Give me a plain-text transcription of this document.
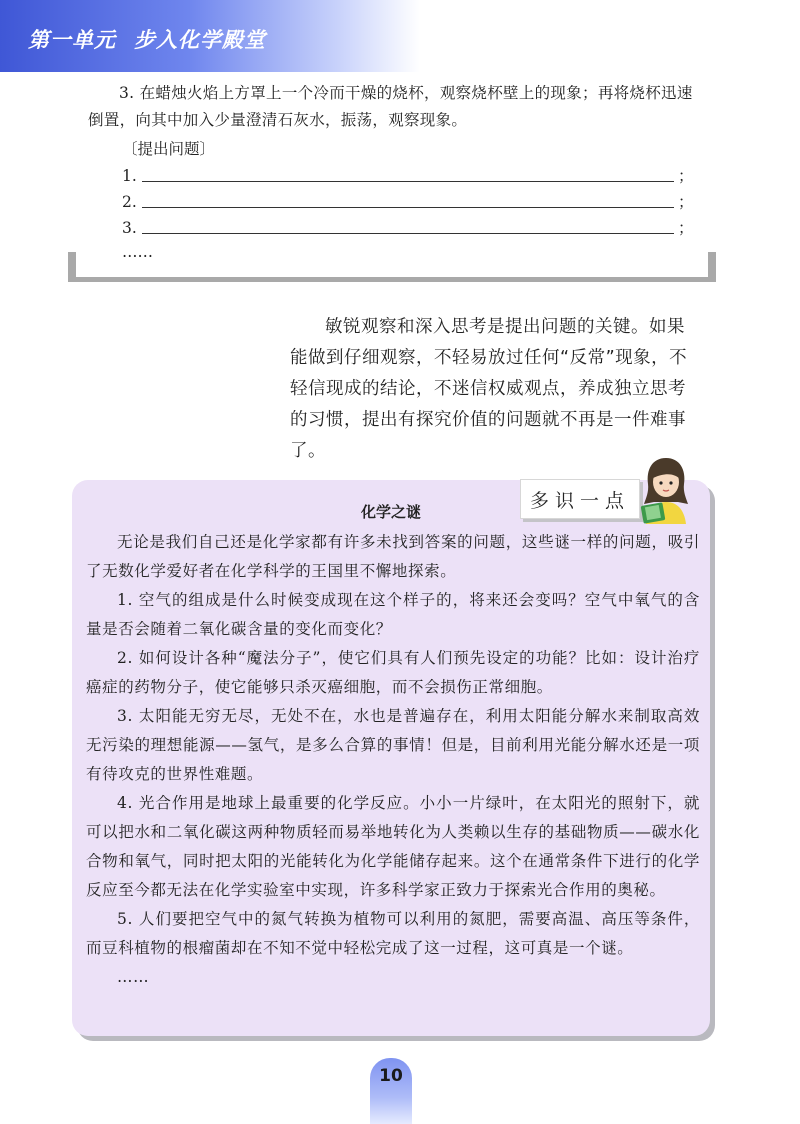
第一单元 步入化学殿堂

3. 在蜡烛火焰上方罩上一个冷而干燥的烧杯，观察烧杯壁上的现象；再将烧杯迅速倒置，向其中加入少量澄清石灰水，振荡，观察现象。

〔提出问题〕
1.	；
2.	；
3.	；
……

敏锐观察和深入思考是提出问题的关键。如果能做到仔细观察，不轻易放过任何“反常”现象，不轻信现成的结论，不迷信权威观点，养成独立思考的习惯，提出有探究价值的问题就不再是一件难事了。

多识一点
化学之谜

无论是我们自己还是化学家都有许多未找到答案的问题，这些谜一样的问题，吸引了无数化学爱好者在化学科学的王国里不懈地探索。

1. 空气的组成是什么时候变成现在这个样子的，将来还会变吗？空气中氧气的含量是否会随着二氧化碳含量的变化而变化？

2. 如何设计各种“魔法分子”，使它们具有人们预先设定的功能？比如：设计治疗癌症的药物分子，使它能够只杀灭癌细胞，而不会损伤正常细胞。

3. 太阳能无穷无尽，无处不在，水也是普遍存在，利用太阳能分解水来制取高效无污染的理想能源——氢气，是多么合算的事情！但是，目前利用光能分解水还是一项有待攻克的世界性难题。

4. 光合作用是地球上最重要的化学反应。小小一片绿叶，在太阳光的照射下，就可以把水和二氧化碳这两种物质轻而易举地转化为人类赖以生存的基础物质——碳水化合物和氧气，同时把太阳的光能转化为化学能储存起来。这个在通常条件下进行的化学反应至今都无法在化学实验室中实现，许多科学家正致力于探索光合作用的奥秘。

5. 人们要把空气中的氮气转换为植物可以利用的氮肥，需要高温、高压等条件，而豆科植物的根瘤菌却在不知不觉中轻松完成了这一过程，这可真是一个谜。

……

10
